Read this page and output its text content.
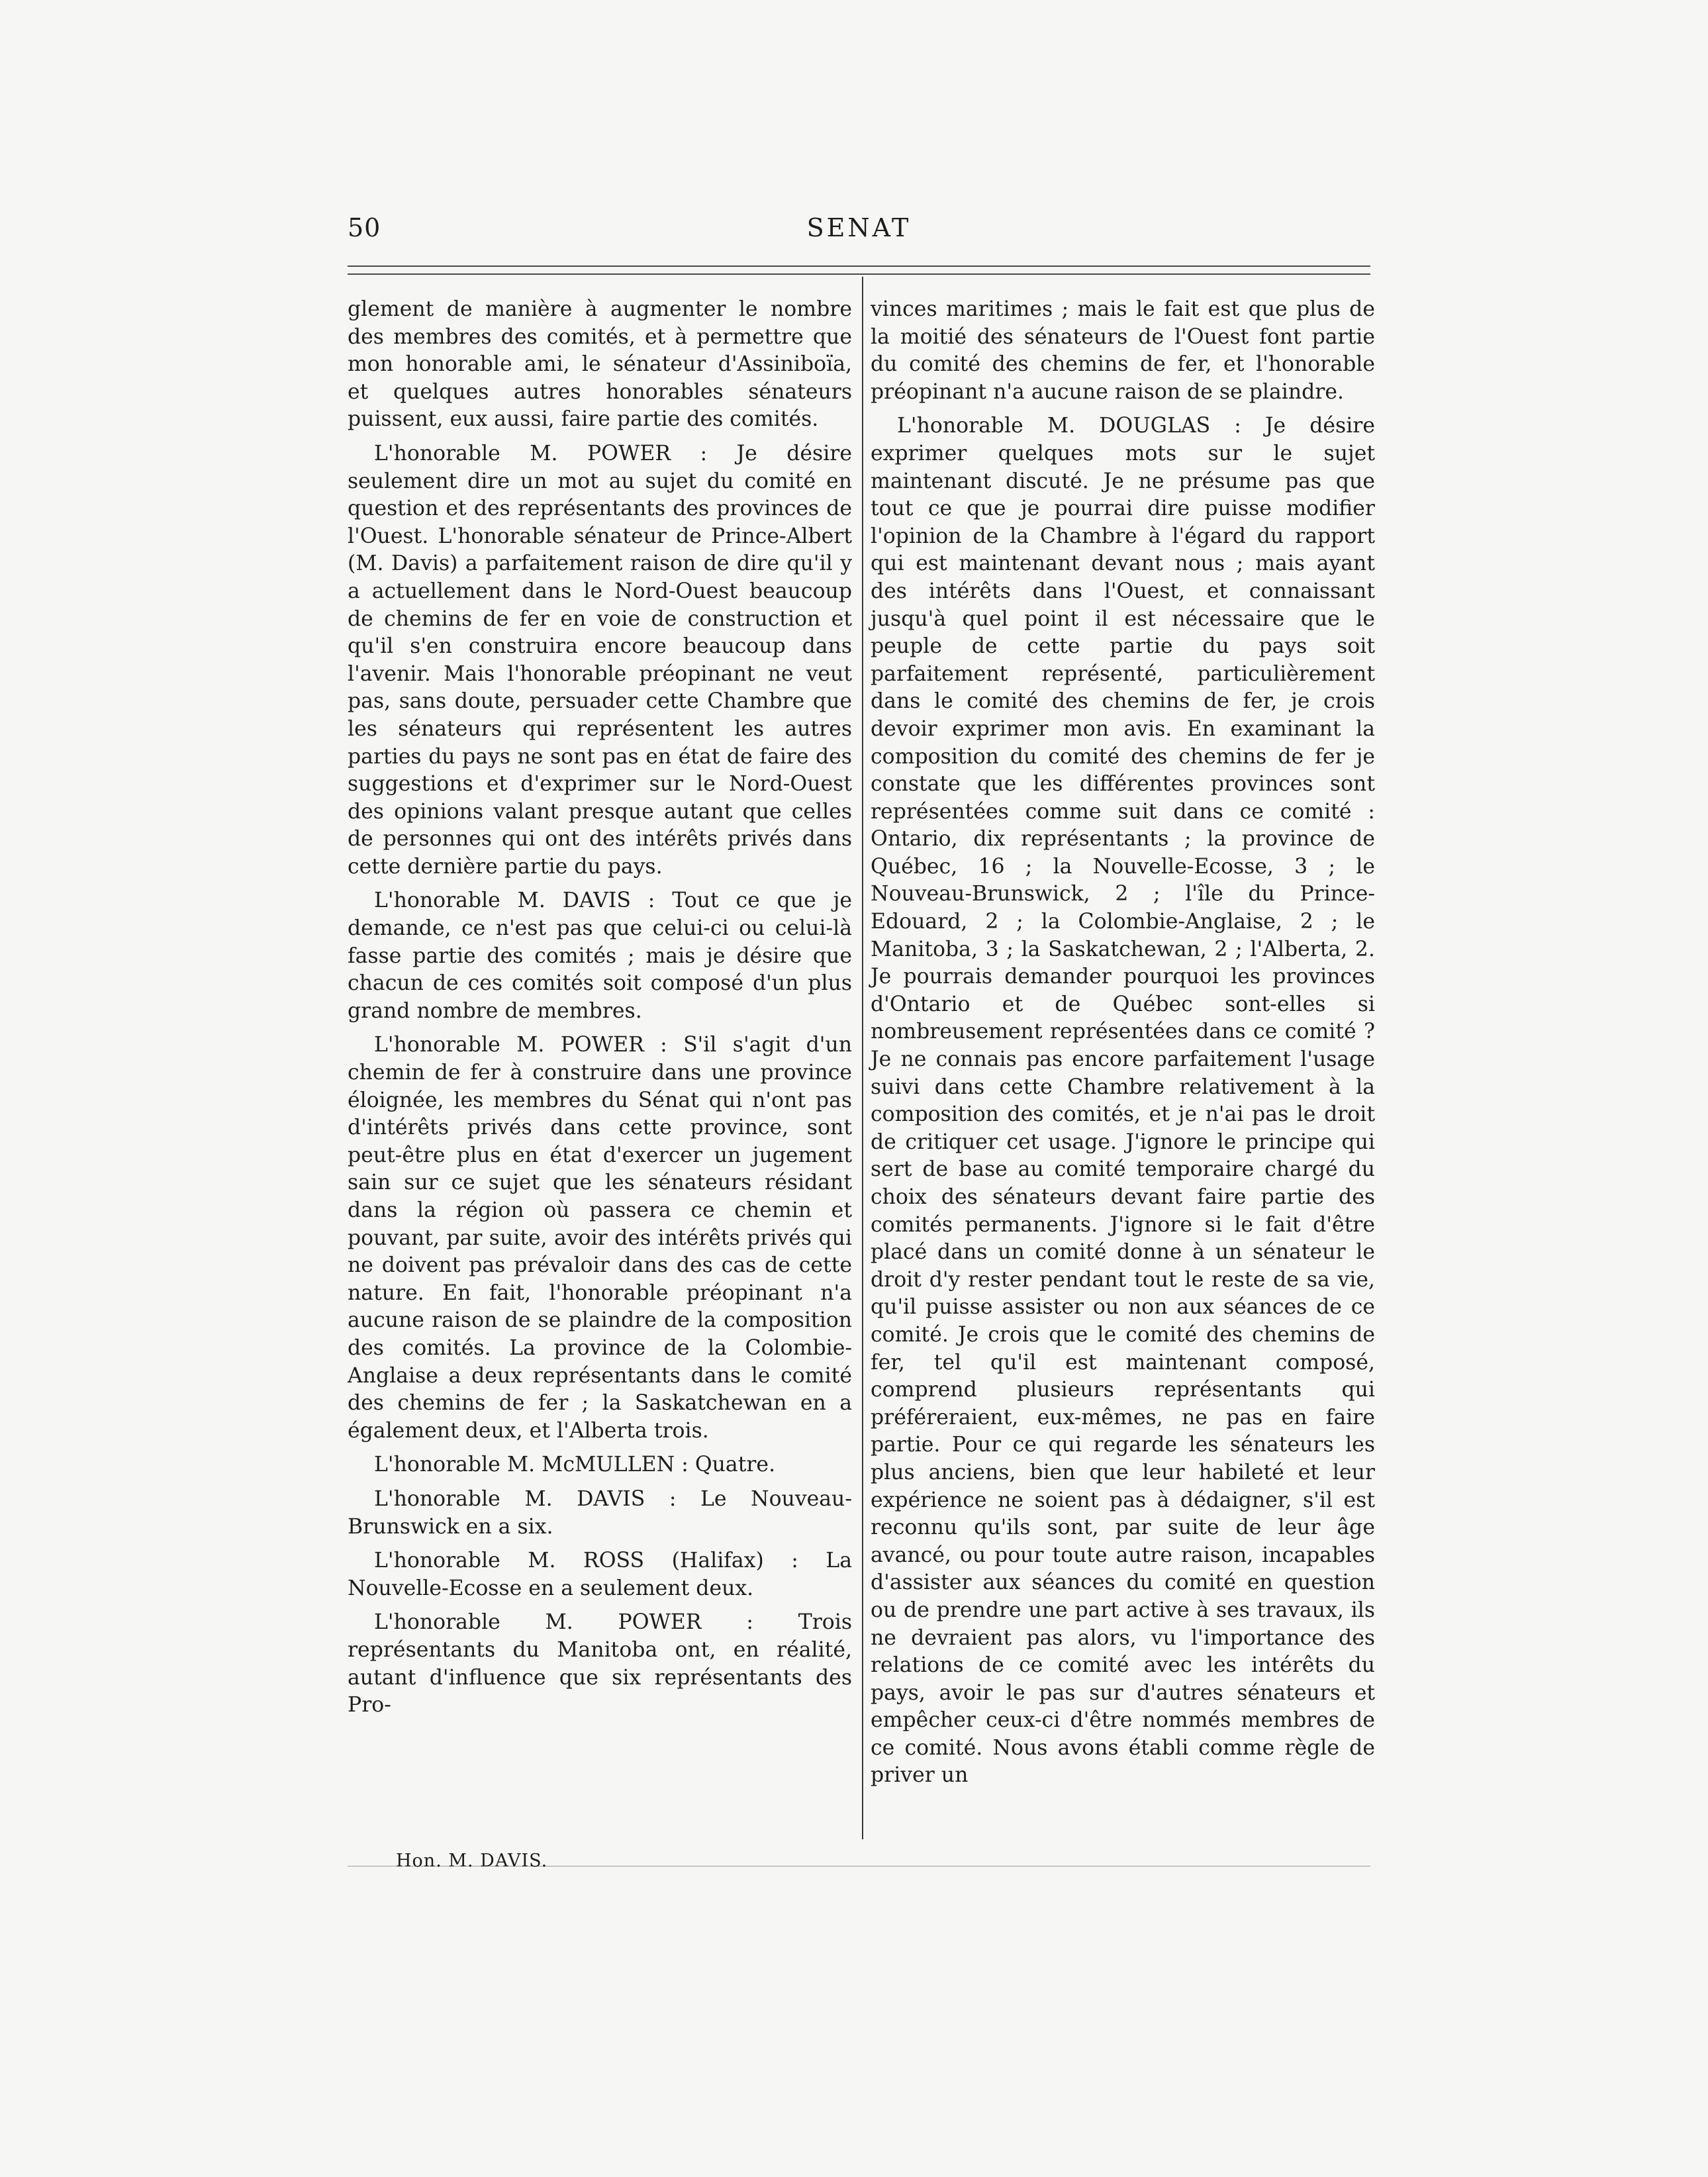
50	SENAT

glement de manière à augmenter le nombre des membres des comités, et à permettre que mon honorable ami, le sénateur d'Assiniboïa, et quelques autres honorables sénateurs puissent, eux aussi, faire partie des comités.

L'honorable M. POWER : Je désire seulement dire un mot au sujet du comité en question et des représentants des provinces de l'Ouest. L'honorable sénateur de Prince-Albert (M. Davis) a parfaitement raison de dire qu'il y a actuellement dans le Nord-Ouest beaucoup de chemins de fer en voie de construction et qu'il s'en construira encore beaucoup dans l'avenir. Mais l'honorable préopinant ne veut pas, sans doute, persuader cette Chambre que les sénateurs qui représentent les autres parties du pays ne sont pas en état de faire des suggestions et d'exprimer sur le Nord-Ouest des opinions valant presque autant que celles de personnes qui ont des intérêts privés dans cette dernière partie du pays.

L'honorable M. DAVIS : Tout ce que je demande, ce n'est pas que celui-ci ou celui-là fasse partie des comités ; mais je désire que chacun de ces comités soit composé d'un plus grand nombre de membres.

L'honorable M. POWER : S'il s'agit d'un chemin de fer à construire dans une province éloignée, les membres du Sénat qui n'ont pas d'intérêts privés dans cette province, sont peut-être plus en état d'exercer un jugement sain sur ce sujet que les sénateurs résidant dans la région où passera ce chemin et pouvant, par suite, avoir des intérêts privés qui ne doivent pas prévaloir dans des cas de cette nature. En fait, l'honorable préopinant n'a aucune raison de se plaindre de la composition des comités. La province de la Colombie-Anglaise a deux représentants dans le comité des chemins de fer ; la Saskatchewan en a également deux, et l'Alberta trois.

L'honorable M. McMULLEN : Quatre.

L'honorable M. DAVIS : Le Nouveau-Brunswick en a six.

L'honorable M. ROSS (Halifax) : La Nouvelle-Ecosse en a seulement deux.

L'honorable M. POWER : Trois représentants du Manitoba ont, en réalité, autant d'influence que six représentants des Pro-

vinces maritimes ; mais le fait est que plus de la moitié des sénateurs de l'Ouest font partie du comité des chemins de fer, et l'honorable préopinant n'a aucune raison de se plaindre.

L'honorable M. DOUGLAS : Je désire exprimer quelques mots sur le sujet maintenant discuté. Je ne présume pas que tout ce que je pourrai dire puisse modifier l'opinion de la Chambre à l'égard du rapport qui est maintenant devant nous ; mais ayant des intérêts dans l'Ouest, et connaissant jusqu'à quel point il est nécessaire que le peuple de cette partie du pays soit parfaitement représenté, particulièrement dans le comité des chemins de fer, je crois devoir exprimer mon avis. En examinant la composition du comité des chemins de fer je constate que les différentes provinces sont représentées comme suit dans ce comité : Ontario, dix représentants ; la province de Québec, 16 ; la Nouvelle-Ecosse, 3 ; le Nouveau-Brunswick, 2 ; l'île du Prince-Edouard, 2 ; la Colombie-Anglaise, 2 ; le Manitoba, 3 ; la Saskatchewan, 2 ; l'Alberta, 2. Je pourrais demander pourquoi les provinces d'Ontario et de Québec sont-elles si nombreusement représentées dans ce comité ? Je ne connais pas encore parfaitement l'usage suivi dans cette Chambre relativement à la composition des comités, et je n'ai pas le droit de critiquer cet usage. J'ignore le principe qui sert de base au comité temporaire chargé du choix des sénateurs devant faire partie des comités permanents. J'ignore si le fait d'être placé dans un comité donne à un sénateur le droit d'y rester pendant tout le reste de sa vie, qu'il puisse assister ou non aux séances de ce comité. Je crois que le comité des chemins de fer, tel qu'il est maintenant composé, comprend plusieurs représentants qui préféreraient, eux-mêmes, ne pas en faire partie. Pour ce qui regarde les sénateurs les plus anciens, bien que leur habileté et leur expérience ne soient pas à dédaigner, s'il est reconnu qu'ils sont, par suite de leur âge avancé, ou pour toute autre raison, incapables d'assister aux séances du comité en question ou de prendre une part active à ses travaux, ils ne devraient pas alors, vu l'importance des relations de ce comité avec les intérêts du pays, avoir le pas sur d'autres sénateurs et empêcher ceux-ci d'être nommés membres de ce comité. Nous avons établi comme règle de priver un

Hon. M. DAVIS.
